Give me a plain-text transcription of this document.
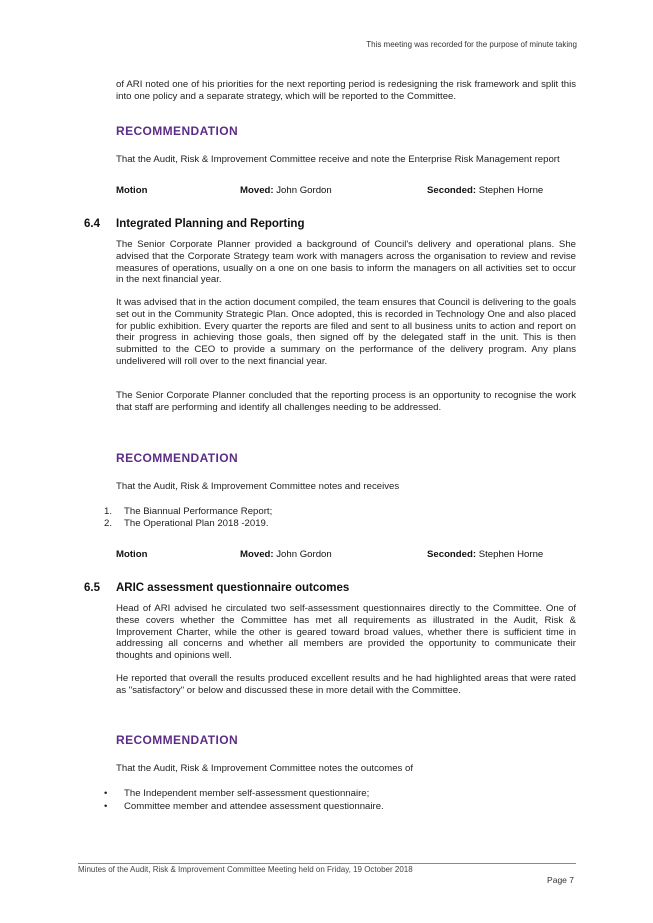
This meeting was recorded for the purpose of minute taking
of ARI noted one of his priorities for the next reporting period is redesigning the risk framework and split this into one policy and a separate strategy, which will be reported to the Committee.
RECOMMENDATION
That the Audit, Risk & Improvement Committee receive and note the Enterprise Risk Management report
Motion	Moved: John Gordon	Seconded: Stephen Horne
6.4 Integrated Planning and Reporting
The Senior Corporate Planner provided a background of Council's delivery and operational plans. She advised that the Corporate Strategy team work with managers across the organisation to review and revise measures of operations, usually on a one on one basis to inform the managers on all activities set to occur in the next financial year.
It was advised that in the action document compiled, the team ensures that Council is delivering to the goals set out in the Community Strategic Plan. Once adopted, this is recorded in Technology One and also placed for public exhibition. Every quarter the reports are filed and sent to all business units to action and report on their progress in achieving those goals, then signed off by the delegated staff in the unit. This is then submitted to the CEO to provide a summary on the performance of the delivery program. Any plans undelivered will roll over to the next financial year.
The Senior Corporate Planner concluded that the reporting process is an opportunity to recognise the work that staff are performing and identify all challenges needing to be addressed.
RECOMMENDATION
That the Audit, Risk & Improvement Committee notes and receives
1. The Biannual Performance Report;
2. The Operational Plan 2018 -2019.
Motion	Moved: John Gordon	Seconded: Stephen Horne
6.5 ARIC assessment questionnaire outcomes
Head of ARI advised he circulated two self-assessment questionnaires directly to the Committee. One of these covers whether the Committee has met all requirements as illustrated in the Audit, Risk & Improvement Charter, while the other is geared toward broad values, whether there is sufficient time in addressing all concerns and whether all members are provided the opportunity to communicate their thoughts and opinions well.
He reported that overall the results produced excellent results and he had highlighted areas that were rated as "satisfactory" or below and discussed these in more detail with the Committee.
RECOMMENDATION
That the Audit, Risk & Improvement Committee notes the outcomes of
• The Independent member self-assessment questionnaire;
• Committee member and attendee assessment questionnaire.
Minutes of the Audit, Risk & Improvement Committee Meeting held on Friday, 19 October 2018
Page 7
